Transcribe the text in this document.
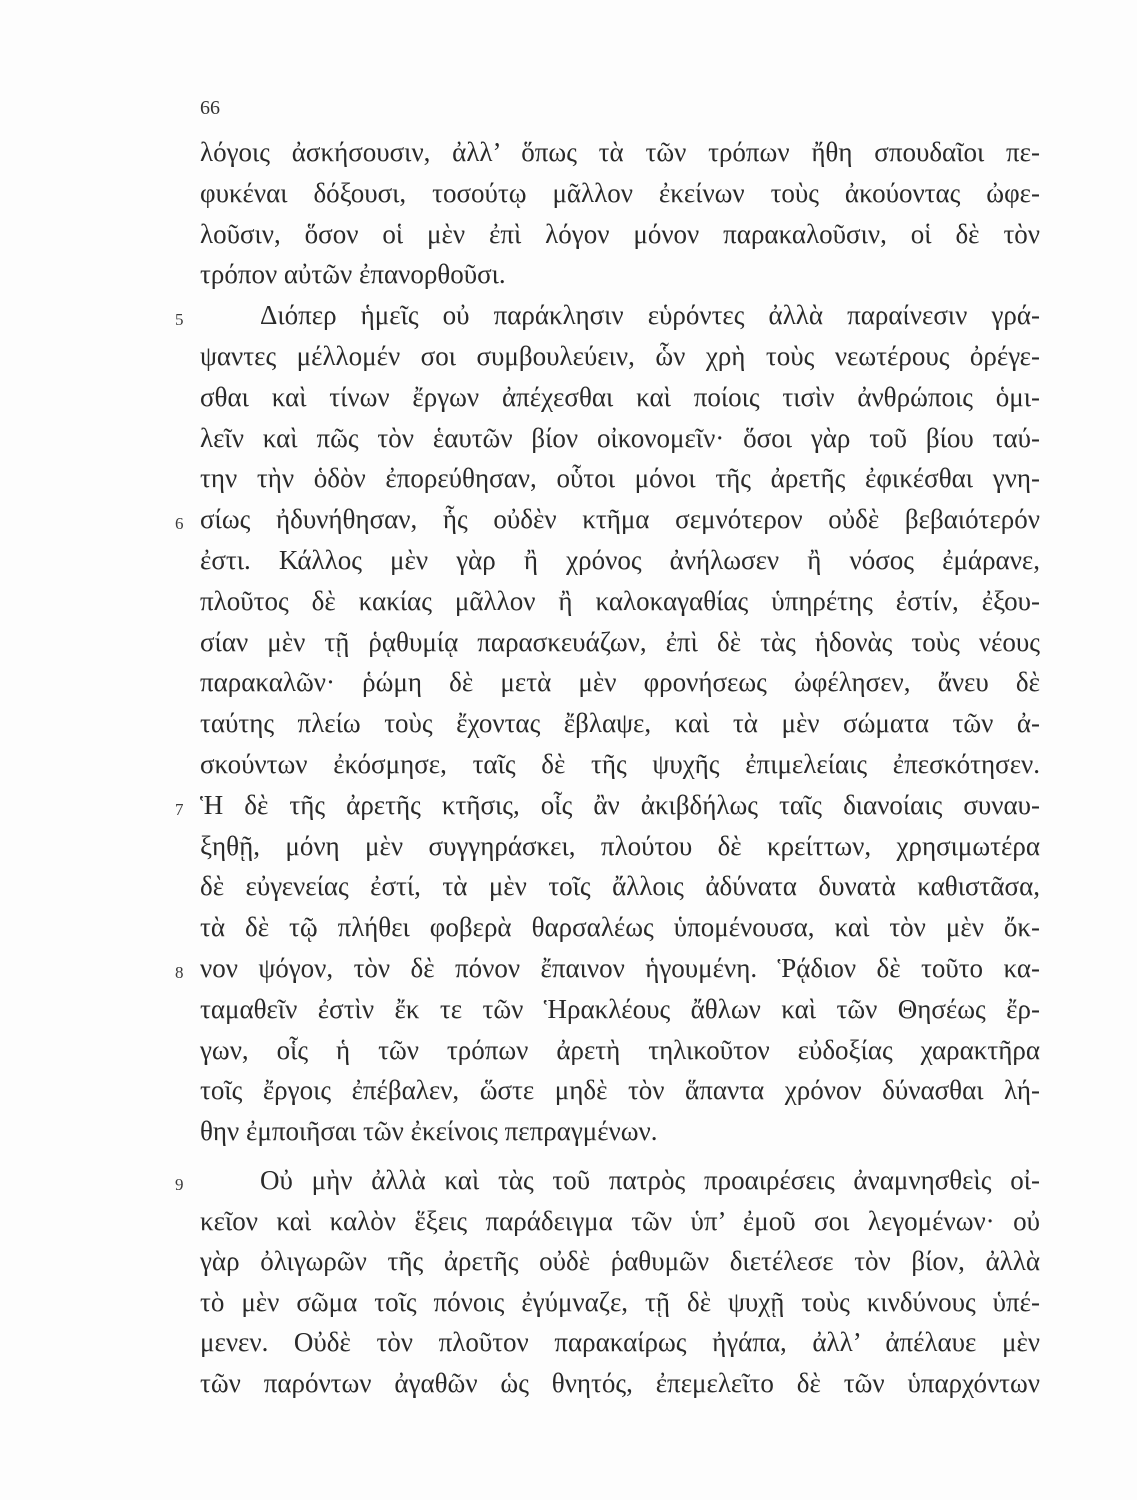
66
λόγοις ἀσκήσουσιν, ἀλλ’ ὅπως τὰ τῶν τρόπων ἤθη σπουδαῖοι πε-
φυκέναι δόξουσι, τοσούτῳ μᾶλλον ἐκείνων τοὺς ἀκούοντας ὠφε-
λοῦσιν, ὅσον οἱ μὲν ἐπὶ λόγον μόνον παρακαλοῦσιν, οἱ δὲ τὸν
τρόπον αὐτῶν ἐπανορθοῦσι.
5	Διόπερ ἡμεῖς οὐ παράκλησιν εὑρόντες ἀλλὰ παραίνεσιν γρά-
ψαντες μέλλομέν σοι συμβουλεύειν, ὧν χρὴ τοὺς νεωτέρους ὀρέγε-
σθαι καὶ τίνων ἔργων ἀπέχεσθαι καὶ ποίοις τισὶν ἀνθρώποις ὁμι-
λεῖν καὶ πῶς τὸν ἑαυτῶν βίον οἰκονομεῖν· ὅσοι γὰρ τοῦ βίου ταύ-
την τὴν ὁδὸν ἐπορεύθησαν, οὗτοι μόνοι τῆς ἀρετῆς ἐφικέσθαι γνη-
6 σίως ἠδυνήθησαν, ἧς οὐδὲν κτῆμα σεμνότερον οὐδὲ βεβαιότερόν
ἐστι. Κάλλος μὲν γὰρ ἢ χρόνος ἀνήλωσεν ἢ νόσος ἐμάρανε,
πλοῦτος δὲ κακίας μᾶλλον ἢ καλοκαγαθίας ὑπηρέτης ἐστίν, ἐξου-
σίαν μὲν τῇ ῥᾳθυμίᾳ παρασκευάζων, ἐπὶ δὲ τὰς ἡδονὰς τοὺς νέους
παρακαλῶν· ῥώμη δὲ μετὰ μὲν φρονήσεως ὠφέλησεν, ἄνευ δὲ
ταύτης πλείω τοὺς ἔχοντας ἔβλαψε, καὶ τὰ μὲν σώματα τῶν ἀ-
σκούντων ἐκόσμησε, ταῖς δὲ τῆς ψυχῆς ἐπιμελείαις ἐπεσκότησεν.
7 Ἡ δὲ τῆς ἀρετῆς κτῆσις, οἷς ἂν ἀκιβδήλως ταῖς διανοίαις συναυ-
ξηθῇ, μόνη μὲν συγγηράσκει, πλούτου δὲ κρείττων, χρησιμωτέρα
δὲ εὐγενείας ἐστί, τὰ μὲν τοῖς ἄλλοις ἀδύνατα δυνατὰ καθιστᾶσα,
τὰ δὲ τῷ πλήθει φοβερὰ θαρσαλέως ὑπομένουσα, καὶ τὸν μὲν ὄκ-
8 νον ψόγον, τὸν δὲ πόνον ἔπαινον ἡγουμένη. Ῥᾴδιον δὲ τοῦτο κα-
ταμαθεῖν ἐστὶν ἔκ τε τῶν Ἡρακλέους ἄθλων καὶ τῶν Θησέως ἔρ-
γων, οἷς ἡ τῶν τρόπων ἀρετὴ τηλικοῦτον εὐδοξίας χαρακτῆρα
τοῖς ἔργοις ἐπέβαλεν, ὥστε μηδὲ τὸν ἅπαντα χρόνον δύνασθαι λή-
θην ἐμποιῆσαι τῶν ἐκείνοις πεπραγμένων.
9	Οὐ μὴν ἀλλὰ καὶ τὰς τοῦ πατρὸς προαιρέσεις ἀναμνησθεὶς οἰ-
κεῖον καὶ καλὸν ἕξεις παράδειγμα τῶν ὑπ’ ἐμοῦ σοι λεγομένων· οὐ
γὰρ ὀλιγωρῶν τῆς ἀρετῆς οὐδὲ ῥαθυμῶν διετέλεσε τὸν βίον, ἀλλὰ
τὸ μὲν σῶμα τοῖς πόνοις ἐγύμναζε, τῇ δὲ ψυχῇ τοὺς κινδύνους ὑπέ-
μενεν. Οὐδὲ τὸν πλοῦτον παρακαίρως ἠγάπα, ἀλλ’ ἀπέλαυε μὲν
τῶν παρόντων ἀγαθῶν ὡς θνητός, ἐπεμελεῖτο δὲ τῶν ὑπαρχόντων
